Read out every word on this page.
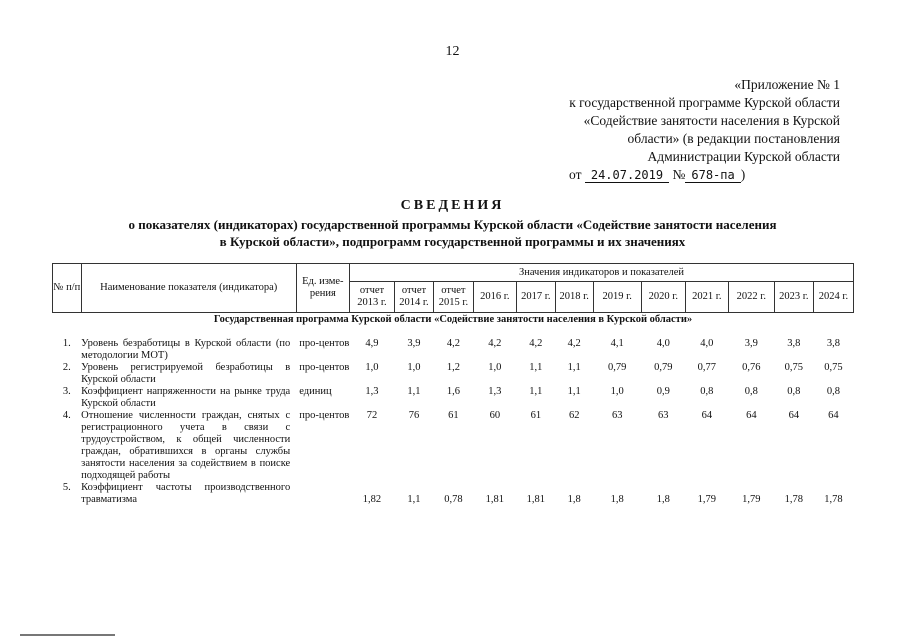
12
«Приложение № 1
к государственной программе Курской области
«Содействие занятости населения в Курской
области» (в редакции постановления
Администрации Курской области
от 24.07.2019 № 678-па )
СВЕДЕНИЯ
о показателях (индикаторах) государственной программы Курской области «Содействие занятости населения
в Курской области», подпрограмм государственной программы и их значениях
№ п/п	Наименование показателя (индикатора)	Ед. изме-рения	Значения индикаторов и показателей											
			отчет 2013 г.	отчет 2014 г.	отчет 2015 г.	2016 г.	2017 г.	2018 г.	2019 г.	2020 г.	2021 г.	2022 г.	2023 г.	2024 г.
Государственная программа Курской области «Содействие занятости населения в Курской области»														

1.	Уровень безработицы в Курской области (по методологии МОТ)	про-центов	4,9	3,9	4,2	4,2	4,2	4,2	4,1	4,0	4,0	3,9	3,8	3,8
2.	Уровень регистрируемой безработицы в Курской области	про-центов	1,0	1,0	1,2	1,0	1,1	1,1	0,79	0,79	0,77	0,76	0,75	0,75
3.	Коэффициент напряженности на рынке труда Курской области	единиц	1,3	1,1	1,6	1,3	1,1	1,1	1,0	0,9	0,8	0,8	0,8	0,8
4.	Отношение численности граждан, снятых с регистрационного учета в связи с трудоустройством, к общей численности граждан, обратившихся в органы службы занятости населения за содействием в поиске подходящей работы	про-центов	72	76	61	60	61	62	63	63	64	64	64	64
5.	Коэффициент частоты производственного травматизма		1,82	1,1	0,78	1,81	1,81	1,8	1,8	1,8	1,79	1,79	1,78	1,78
